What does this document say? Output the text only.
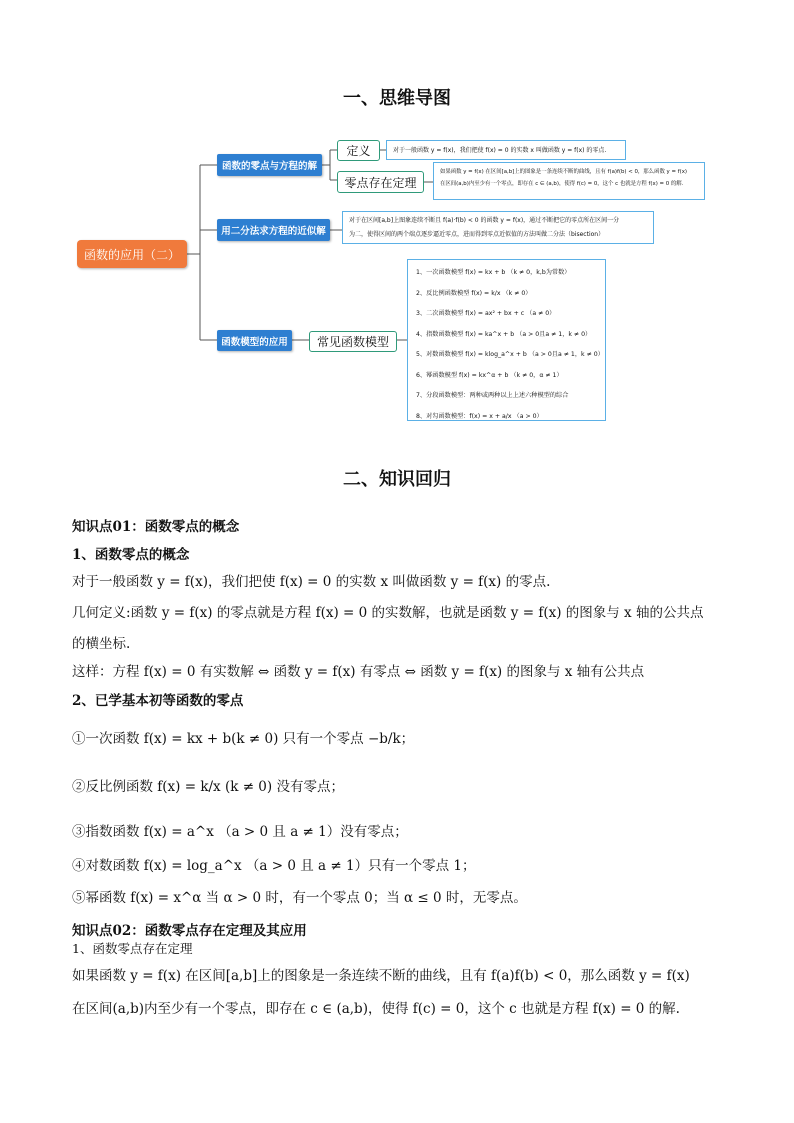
一、思维导图
函数的应用（二）
函数的零点与方程的解
用二分法求方程的近似解
函数模型的应用
定义	对于一般函数 y = f(x)，我们把使 f(x) = 0 的实数 x 叫做函数 y = f(x) 的零点.
零点存在定理
如果函数 y = f(x) 在区间[a,b]上的图象是一条连续不断的曲线，且有 f(a)f(b) < 0，那么函数 y = f(x)
在区间(a,b)内至少有一个零点，即存在 c ∈ (a,b)，使得 f(c) = 0，这个 c 也就是方程 f(x) = 0 的解.
对于在区间[a,b]上图象连续不断且 f(a)·f(b) < 0 的函数 y = f(x)，通过不断把它的零点所在区间一分
为二，使得区间的两个端点逐步逼近零点，进而得到零点近似值的方法叫做二分法（bisection）
常见函数模型
1、一次函数模型 f(x) = kx + b （k ≠ 0，k,b为常数）
2、反比例函数模型 f(x) = k/x （k ≠ 0）
3、二次函数模型 f(x) = ax² + bx + c （a ≠ 0）
4、指数函数模型 f(x) = ka^x + b （a > 0且a ≠ 1，k ≠ 0）
5、对数函数模型 f(x) = klog_a^x + b （a > 0且a ≠ 1，k ≠ 0）
6、幂函数模型 f(x) = kx^α + b （k ≠ 0，α ≠ 1）
7、分段函数模型：两种或两种以上上述六种模型的综合
8、对勾函数模型：f(x) = x + a/x （a > 0）
二、知识回归
知识点01：函数零点的概念
1、函数零点的概念
对于一般函数 y = f(x)，我们把使 f(x) = 0 的实数 x 叫做函数 y = f(x) 的零点.
几何定义:函数 y = f(x) 的零点就是方程 f(x) = 0 的实数解，也就是函数 y = f(x) 的图象与 x 轴的公共点
的横坐标.
这样：方程 f(x) = 0 有实数解 ⇔ 函数 y = f(x) 有零点 ⇔ 函数 y = f(x) 的图象与 x 轴有公共点
2、已学基本初等函数的零点
①一次函数 f(x) = kx + b(k ≠ 0) 只有一个零点 −b/k；
②反比例函数 f(x) = k/x (k ≠ 0) 没有零点；
③指数函数 f(x) = a^x （a > 0 且 a ≠ 1）没有零点；
④对数函数 f(x) = log_a^x （a > 0 且 a ≠ 1）只有一个零点 1；
⑤幂函数 f(x) = x^α 当 α > 0 时，有一个零点 0；当 α ≤ 0 时，无零点。
知识点02：函数零点存在定理及其应用
1、函数零点存在定理
如果函数 y = f(x) 在区间[a,b]上的图象是一条连续不断的曲线，且有 f(a)f(b) < 0，那么函数 y = f(x)
在区间(a,b)内至少有一个零点，即存在 c ∈ (a,b)，使得 f(c) = 0，这个 c 也就是方程 f(x) = 0 的解.
